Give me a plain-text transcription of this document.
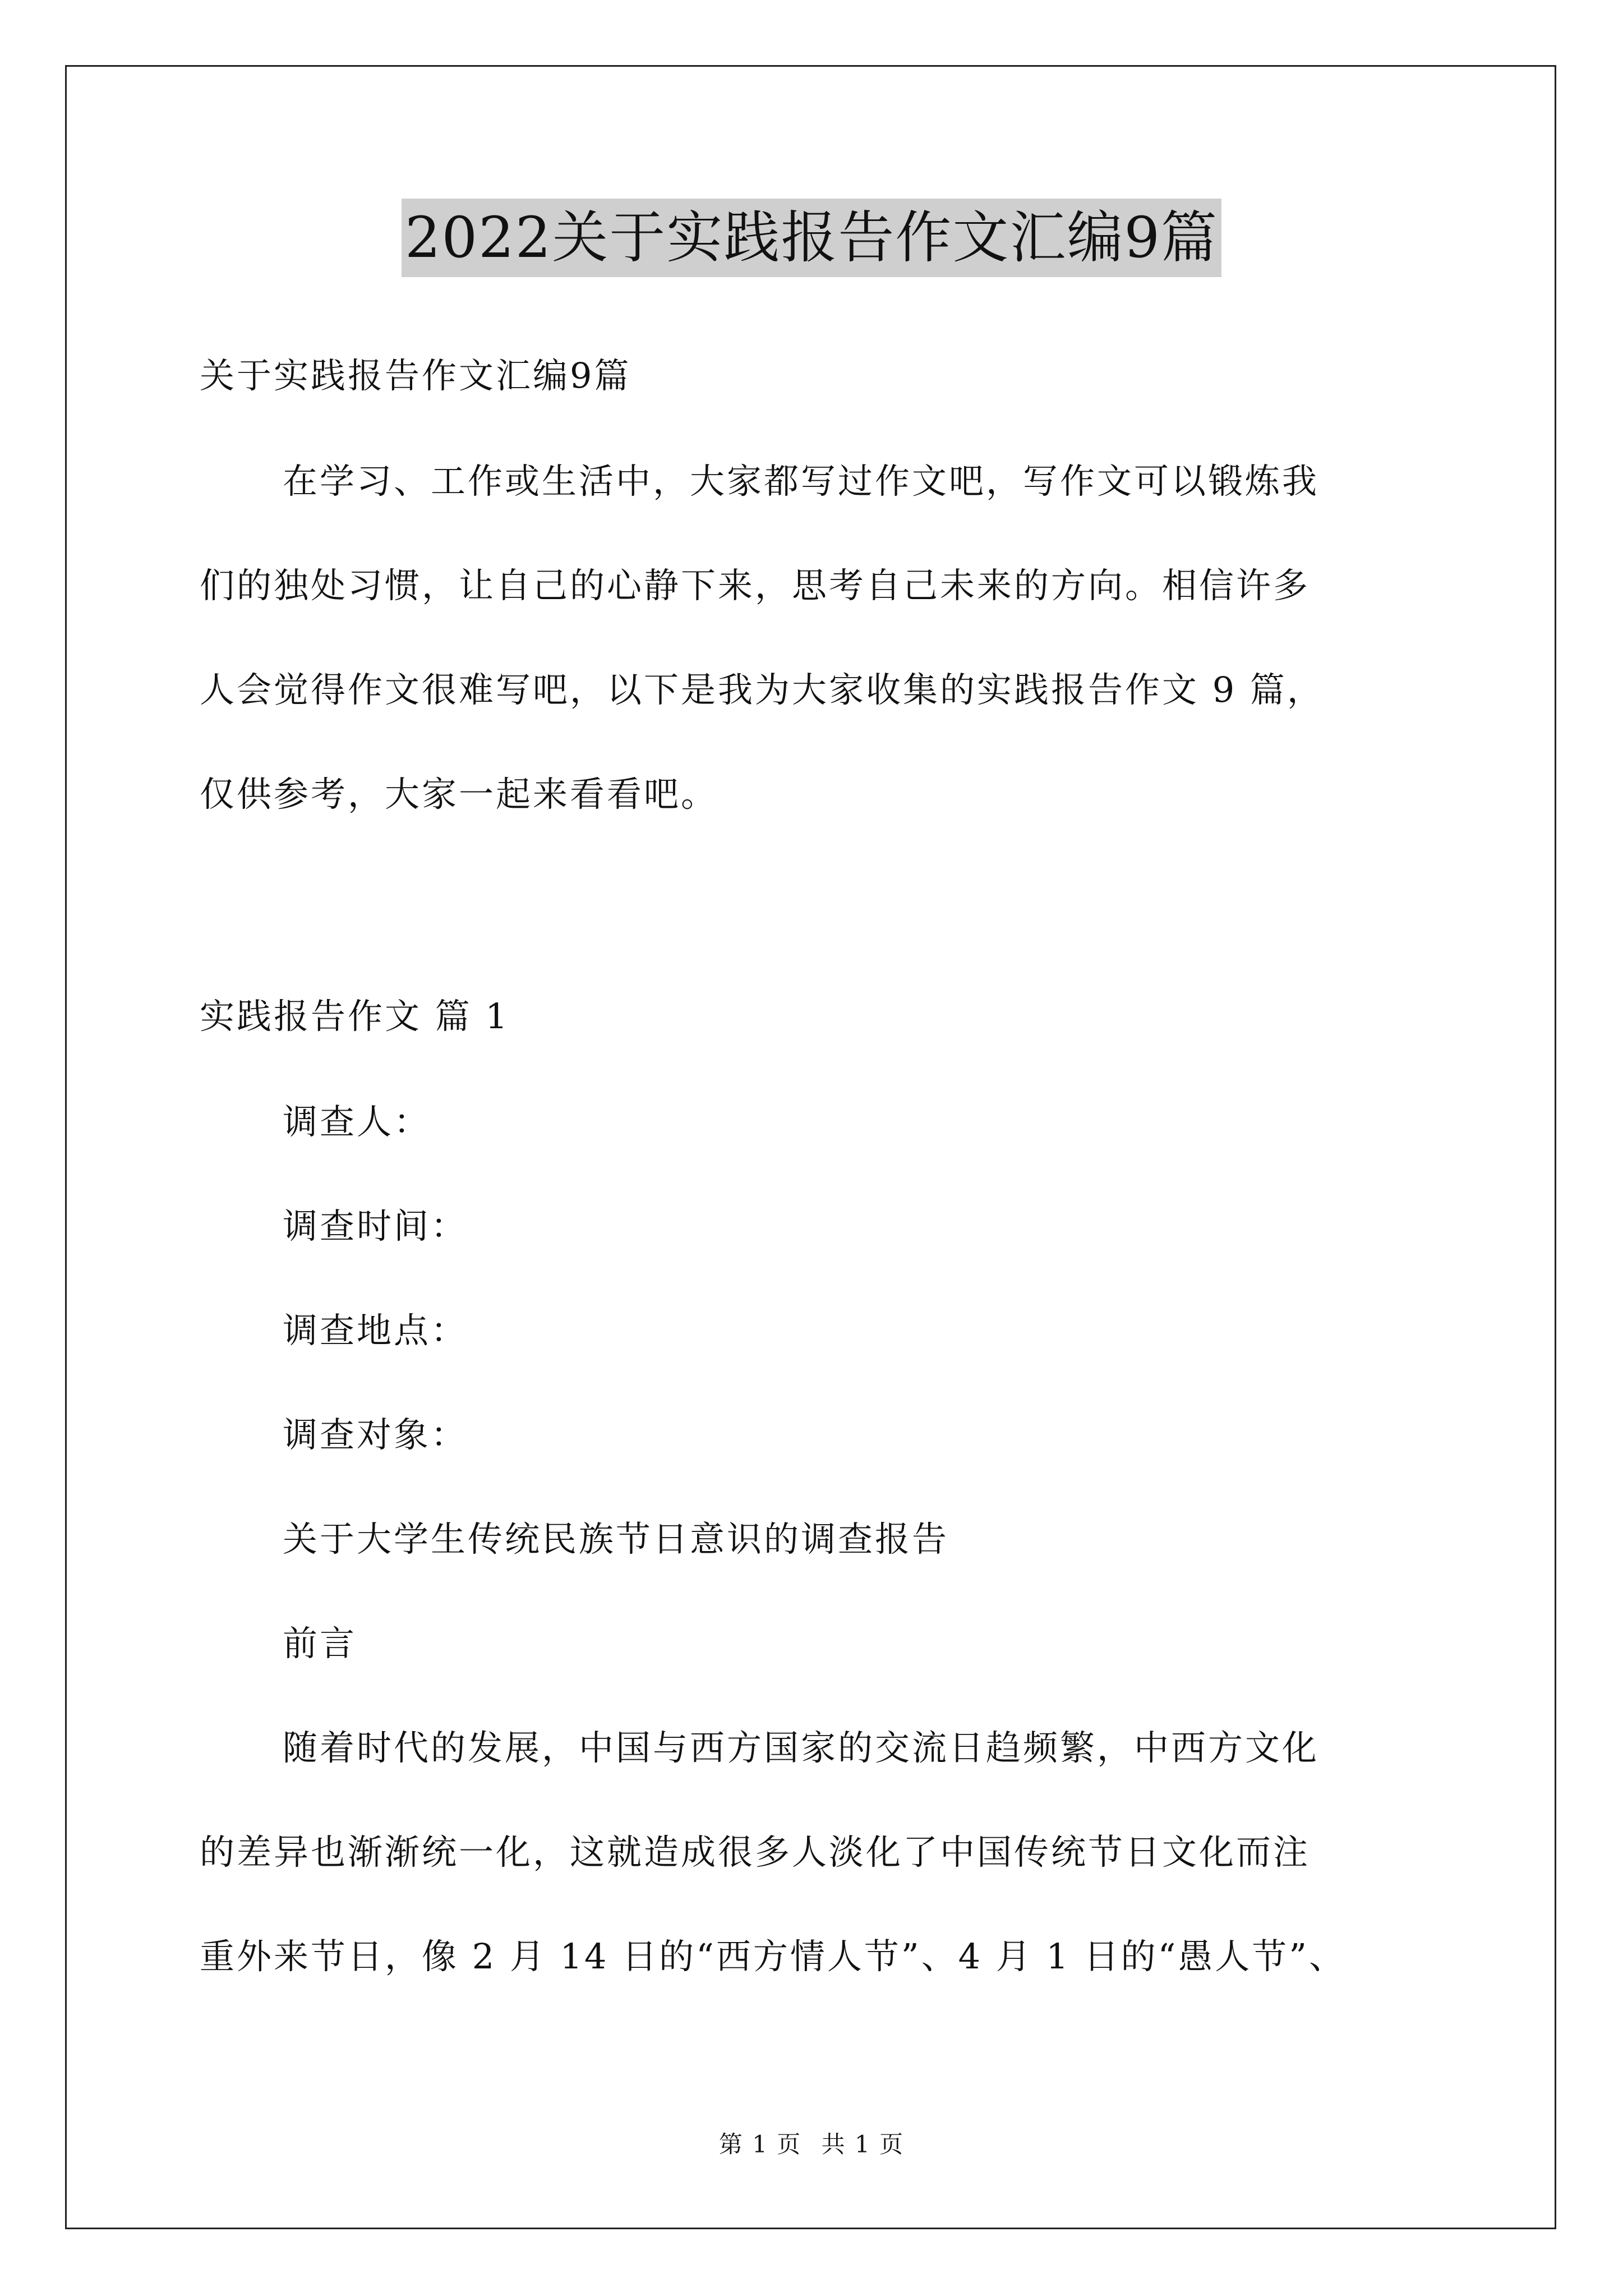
2022关于实践报告作文汇编9篇
关于实践报告作文汇编9篇
在学习、工作或生活中，大家都写过作文吧，写作文可以锻炼我
们的独处习惯，让自己的心静下来，思考自己未来的方向。相信许多
人会觉得作文很难写吧，以下是我为大家收集的实践报告作文 9 篇，
仅供参考，大家一起来看看吧。
实践报告作文 篇 1
调查人：
调查时间：
调查地点：
调查对象：
关于大学生传统民族节日意识的调查报告
前言
随着时代的发展，中国与西方国家的交流日趋频繁，中西方文化
的差异也渐渐统一化，这就造成很多人淡化了中国传统节日文化而注
重外来节日，像 2 月 14 日的“西方情人节”、4 月 1 日的“愚人节”、
第 1 页 共 1 页
